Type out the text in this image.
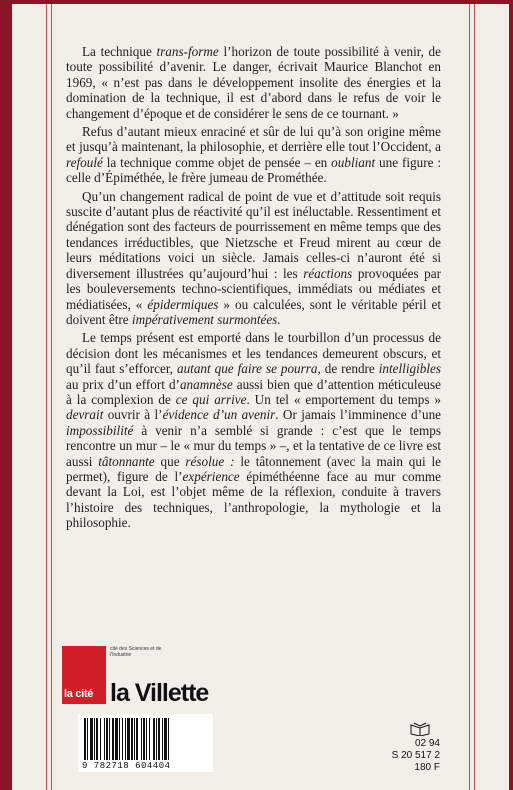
La technique trans-forme l’horizon de toute possibilité à venir, de toute possibilité d’avenir. Le danger, écrivait Maurice Blanchot en 1969, « n’est pas dans le développement insolite des énergies et la domination de la technique, il est d’abord dans le refus de voir le changement d’époque et de considérer le sens de ce tournant. »

Refus d’autant mieux enraciné et sûr de lui qu’à son origine même et jusqu’à maintenant, la philosophie, et derrière elle tout l’Occident, a refoulé la technique comme objet de pensée – en oubliant une figure : celle d’Épiméthée, le frère jumeau de Prométhée.

Qu’un changement radical de point de vue et d’attitude soit requis suscite d’autant plus de réactivité qu’il est inéluctable. Ressentiment et dénégation sont des facteurs de pourrissement en même temps que des tendances irréductibles, que Nietzsche et Freud mirent au cœur de leurs méditations voici un siècle. Jamais celles-ci n’auront été si diversement illustrées qu’aujourd’hui : les réactions provoquées par les bouleversements techno-scientifiques, immédiats ou médiates et médiatisées, « épidermiques » ou calculées, sont le véritable péril et doivent être impérativement surmontées.

Le temps présent est emporté dans le tourbillon d’un processus de décision dont les mécanismes et les tendances demeurent obscurs, et qu’il faut s’efforcer, autant que faire se pourra, de rendre intelligibles au prix d’un effort d’anamnèse aussi bien que d’attention méticuleuse à la complexion de ce qui arrive. Un tel « emportement du temps » devrait ouvrir à l’évidence d’un avenir. Or jamais l’imminence d’une impossibilité à venir n’a semblé si grande : c’est que le temps rencontre un mur – le « mur du temps » –, et la tentative de ce livre est aussi tâtonnante que résolue : le tâtonnement (avec la main qui le permet), figure de l’expérience épiméthéenne face au mur comme devant la Loi, est l’objet même de la réflexion, conduite à travers l’histoire des techniques, l’anthropologie, la mythologie et la philosophie.

cité des Sciences et de l'Industrie
la cité la Villette
9 782718 604404
02 94
S 20 517 2
180 F
